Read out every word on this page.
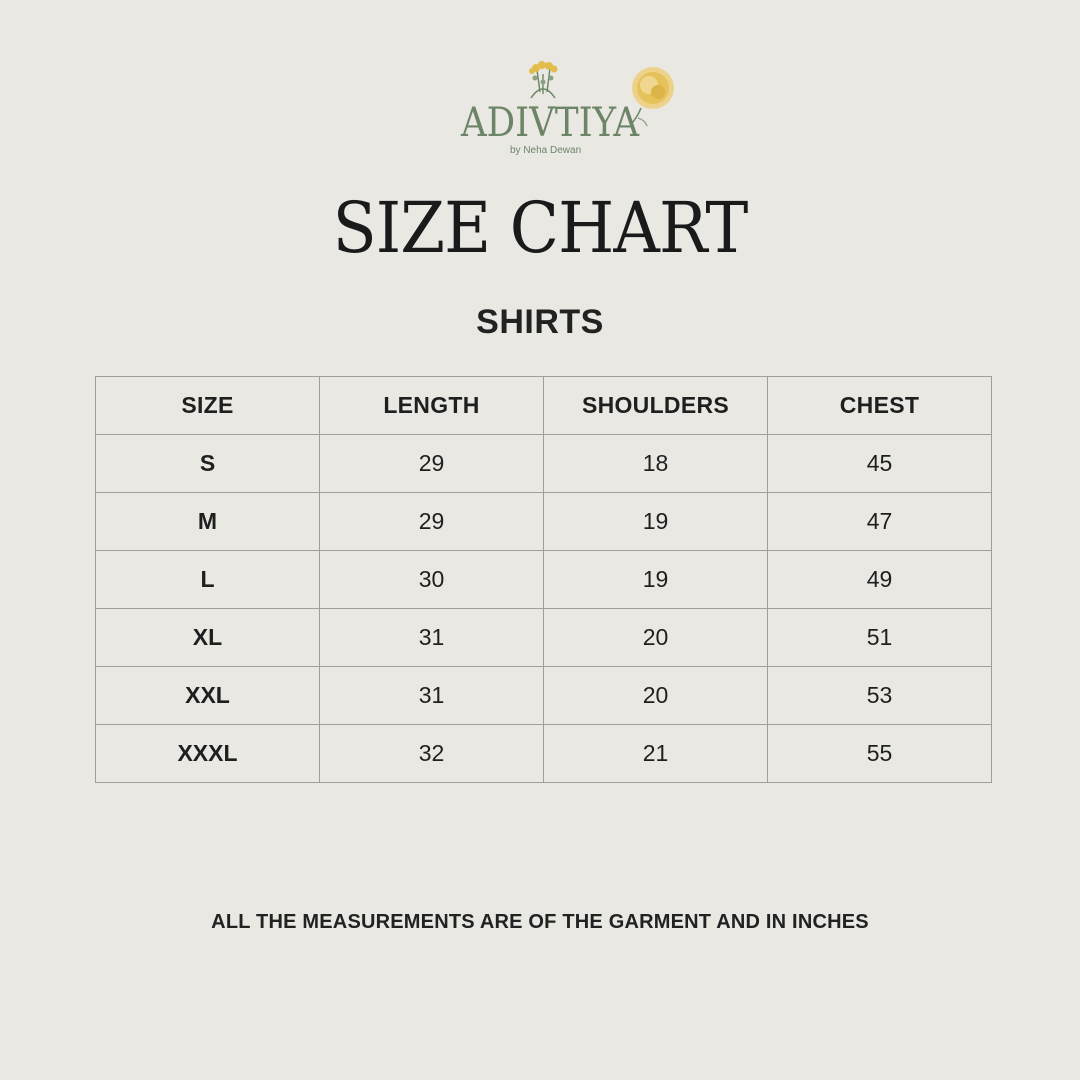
ADIVTIYA
by Neha Dewan
SIZE CHART
SHIRTS
SIZE	LENGTH	SHOULDERS	CHEST
S	29	18	45
M	29	19	47
L	30	19	49
XL	31	20	51
XXL	31	20	53
XXXL	32	21	55
ALL THE MEASUREMENTS ARE OF THE GARMENT AND IN INCHES
